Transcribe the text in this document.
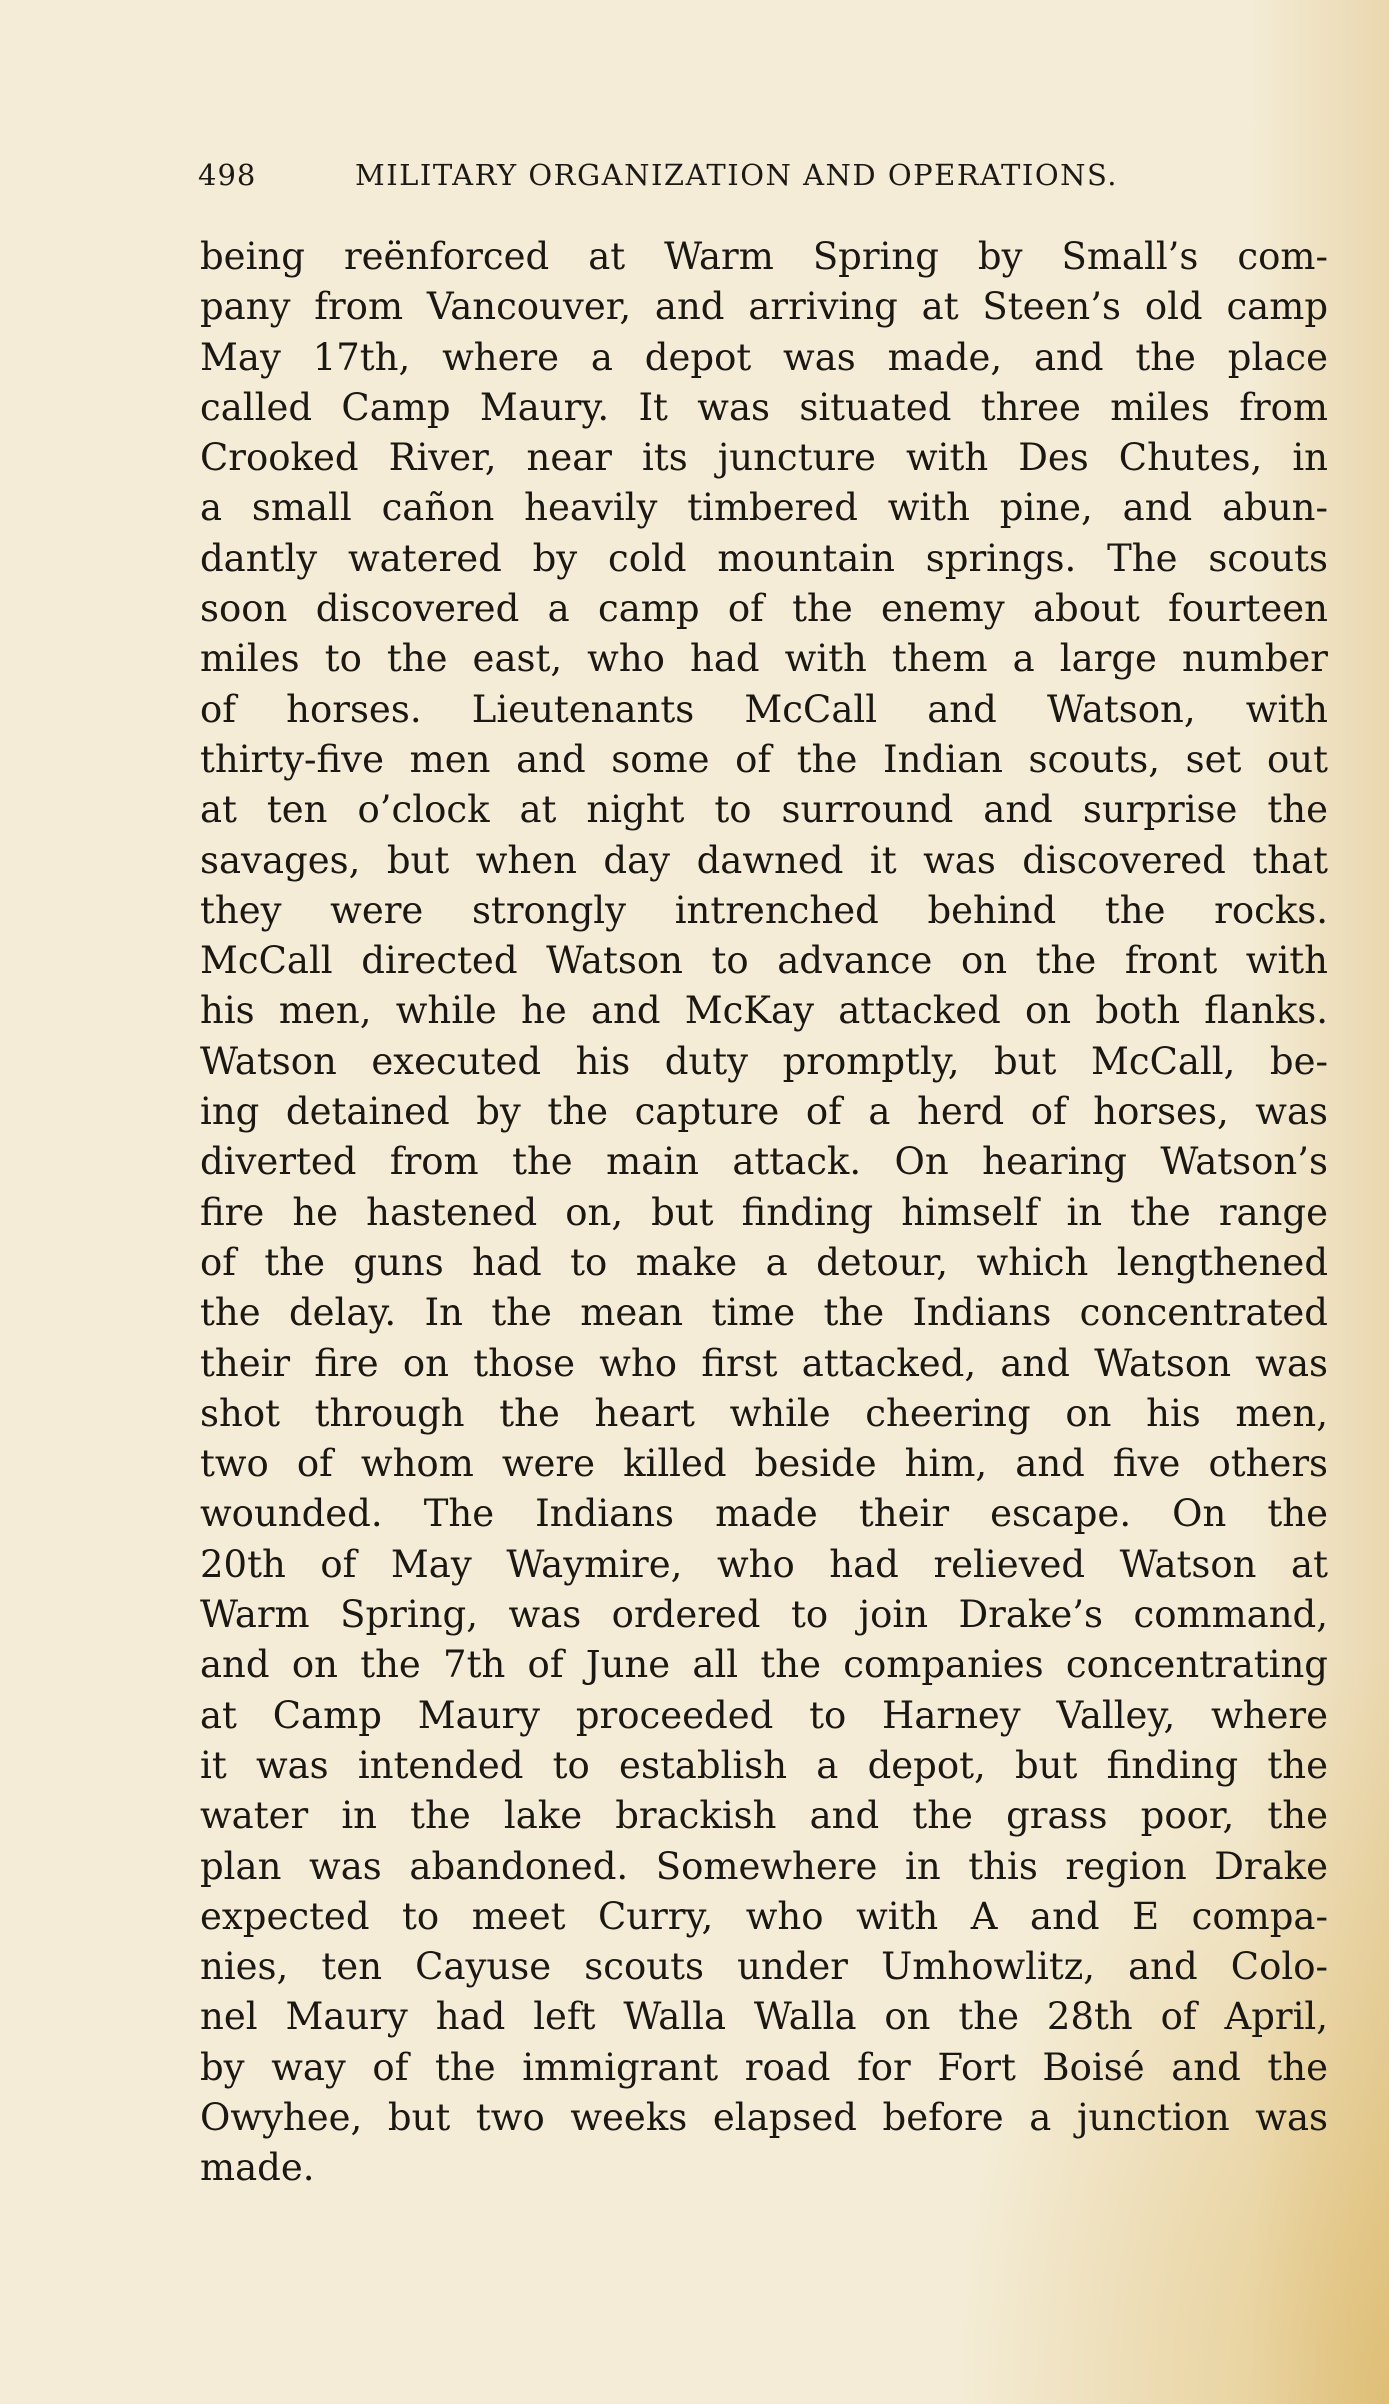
498	MILITARY ORGANIZATION AND OPERATIONS.
being reënforced at Warm Spring by Small’s com-
pany from Vancouver, and arriving at Steen’s old camp
May 17th, where a depot was made, and the place
called Camp Maury. It was situated three miles from
Crooked River, near its juncture with Des Chutes, in
a small cañon heavily timbered with pine, and abun-
dantly watered by cold mountain springs. The scouts
soon discovered a camp of the enemy about fourteen
miles to the east, who had with them a large number
of horses. Lieutenants McCall and Watson, with
thirty-five men and some of the Indian scouts, set out
at ten o’clock at night to surround and surprise the
savages, but when day dawned it was discovered that
they were strongly intrenched behind the rocks.
McCall directed Watson to advance on the front with
his men, while he and McKay attacked on both flanks.
Watson executed his duty promptly, but McCall, be-
ing detained by the capture of a herd of horses, was
diverted from the main attack. On hearing Watson’s
fire he hastened on, but finding himself in the range
of the guns had to make a detour, which lengthened
the delay. In the mean time the Indians concentrated
their fire on those who first attacked, and Watson was
shot through the heart while cheering on his men,
two of whom were killed beside him, and five others
wounded. The Indians made their escape. On the
20th of May Waymire, who had relieved Watson at
Warm Spring, was ordered to join Drake’s command,
and on the 7th of June all the companies concentrating
at Camp Maury proceeded to Harney Valley, where
it was intended to establish a depot, but finding the
water in the lake brackish and the grass poor, the
plan was abandoned. Somewhere in this region Drake
expected to meet Curry, who with A and E compa-
nies, ten Cayuse scouts under Umhowlitz, and Colo-
nel Maury had left Walla Walla on the 28th of April,
by way of the immigrant road for Fort Boisé and the
Owyhee, but two weeks elapsed before a junction was
made.
